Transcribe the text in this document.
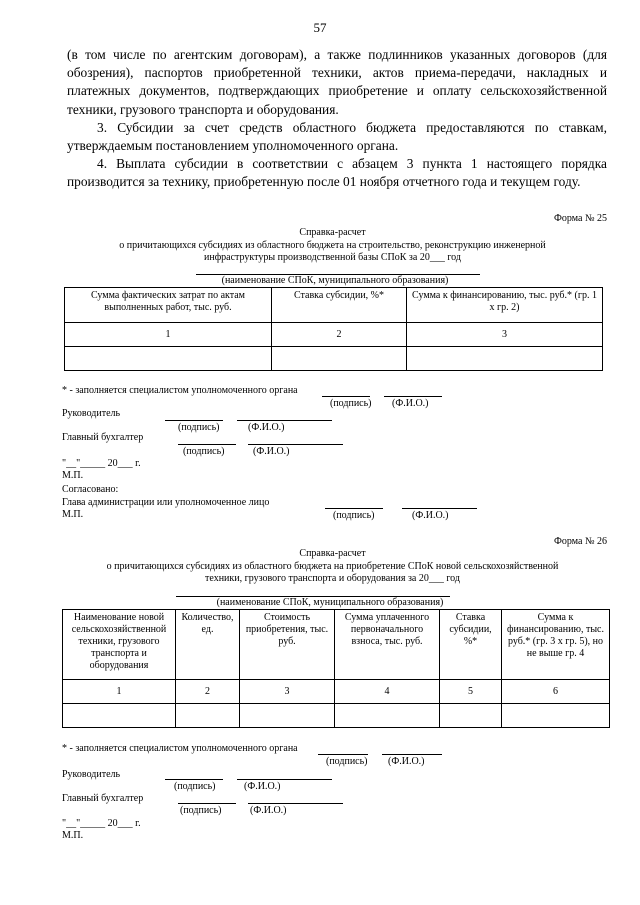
57

(в том числе по агентским договорам), а также подлинников указанных договоров (для обозрения), паспортов приобретенной техники, актов приема-передачи, накладных и платежных документов, подтверждающих приобретение и оплату сельскохозяйственной техники, грузового транспорта и оборудования.

3. Субсидии за счет средств областного бюджета предоставляются по ставкам, утверждаемым постановлением уполномоченного органа.

4. Выплата субсидии в соответствии с абзацем 3 пункта 1 настоящего порядка производится за технику, приобретенную после 01 ноября отчетного года и текущем году.

Форма № 25
Справка-расчет
о причитающихся субсидиях из областного бюджета на строительство, реконструкцию инженерной
инфраструктуры производственной базы СПоК за 20___ год
(наименование СПоК, муниципального образования)
Сумма фактических затрат по актам выполненных работ, тыс. руб.	Ставка субсидии, %*	Сумма к финансированию, тыс. руб.* (гр. 1 х гр. 2)
1	2	3

* - заполняется специалистом уполномоченного органа
(подпись) (Ф.И.О.)
Руководитель
(подпись)	(Ф.И.О.)
Главный бухгалтер
(подпись)	(Ф.И.О.)
"__"_____ 20___ г.
М.П.
Согласовано:
Глава администрации или уполномоченное лицо
М.П.	(подпись)	(Ф.И.О.)
Форма № 26
Справка-расчет
о причитающихся субсидиях из областного бюджета на приобретение СПоК новой сельскохозяйственной
техники, грузового транспорта и оборудования за 20___ год
(наименование СПоК, муниципального образования)
Наименование новой сельскохозяйственной техники, грузового транспорта и оборудования	Количество, ед.	Стоимость приобретения, тыс. руб.	Сумма уплаченного первоначального взноса, тыс. руб.	Ставка субсидии, %*	Сумма к финансированию, тыс. руб.* (гр. 3 х гр. 5), но не выше гр. 4
1	2	3	4	5	6

* - заполняется специалистом уполномоченного органа
(подпись) (Ф.И.О.)
Руководитель
(подпись)	(Ф.И.О.)
Главный бухгалтер
(подпись)	(Ф.И.О.)
"__"_____ 20___ г.
М.П.
